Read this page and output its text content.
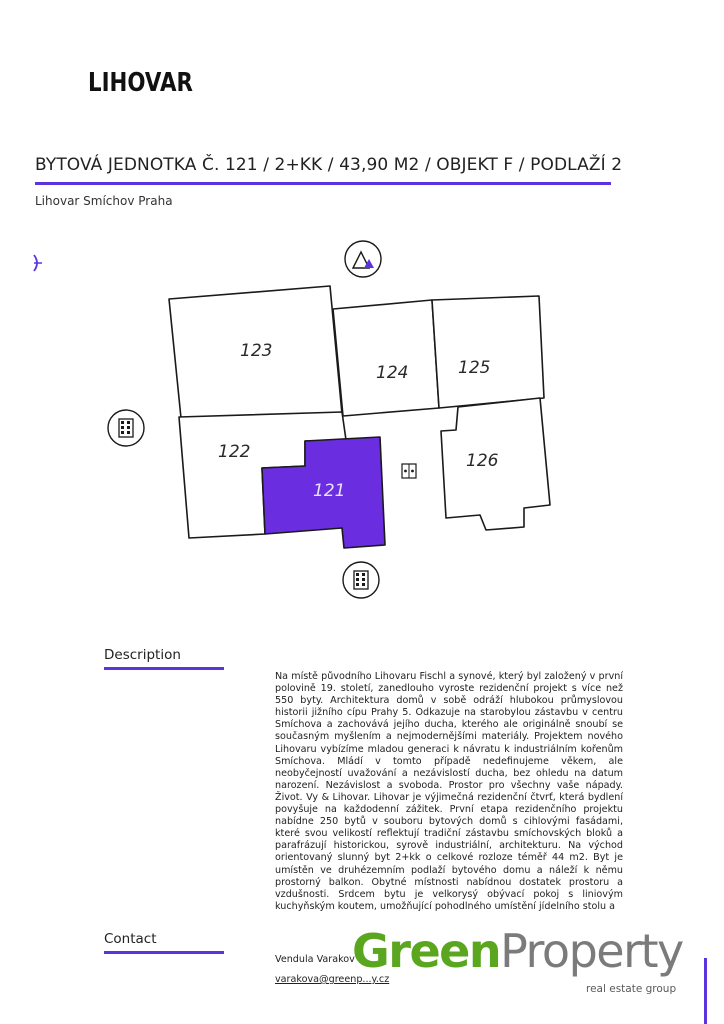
LIHOVAR
BYTOVÁ JEDNOTKA Č. 121 / 2+KK / 43,90 M2 / OBJEKT F / PODLAŽÍ 2
Lihovar Smíchov Praha
123
124	125
122
121
126
Description
Na místě původního Lihovaru Fischl a synové, který byl založený v první polovině 19. století, zanedlouho vyroste rezidenční projekt s více než 550 byty. Architektura domů v sobě odráží hlubokou průmyslovou historii jižního cípu Prahy 5. Odkazuje na starobylou zástavbu v centru Smíchova a zachovává jejího ducha, kterého ale originálně snoubí se současným myšlením a nejmodernějšími materiály. Projektem nového Lihovaru vybízíme mladou generaci k návratu k industriálním kořenům Smíchova. Mládí v tomto případě nedefinujeme věkem, ale neobyčejností uvažování a nezávislostí ducha, bez ohledu na datum narození. Nezávislost a svoboda. Prostor pro všechny vaše nápady. Život. Vy & Lihovar. Lihovar je výjimečná rezidenční čtvrť, která bydlení povyšuje na každodenní zážitek. První etapa rezidenčního projektu nabídne 250 bytů v souboru bytových domů s cihlovými fasádami, které svou velikostí reflektují tradiční zástavbu smíchovských bloků a parafrázují historickou, syrově industriální, architekturu. Na východ orientovaný slunný byt 2+kk o celkové rozloze téměř 44 m2. Byt je umístěn ve druhézemním podlaží bytového domu a náleží k němu prostorný balkon. Obytné místnosti nabídnou dostatek prostoru a vzdušnosti. Srdcem bytu je velkorysý obývací pokoj s liniovým kuchyňským koutem, umožňující pohodlného umístění jídelního stolu a
Contact
Vendula Varakov
varakova@greenp...y.cz
GreenProperty
real estate group
